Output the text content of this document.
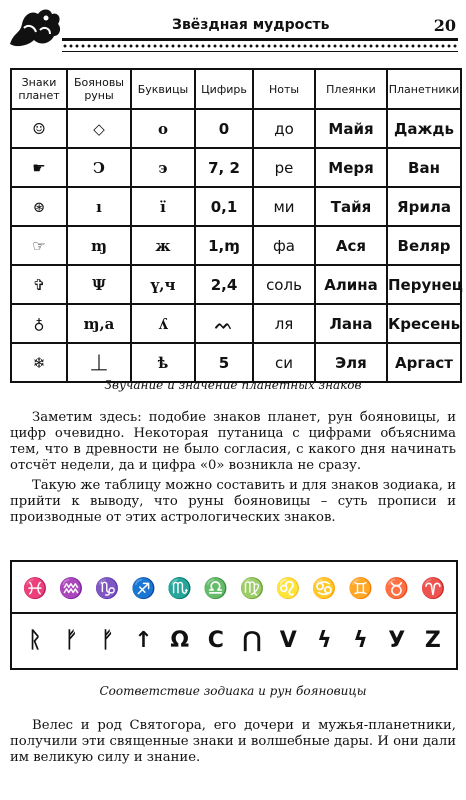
Звёздная мудрость	20
Знаки планет	Бояновы руны	Буквицы	Цифирь	Ноты	Плеянки	Планетники
☺	◇	о	0	до	Майя	Даждь
☛	Ͻ	э	7, 2	ре	Меря	Ван
⊛	ı	ї	0,1	ми	Тайя	Ярила
☞	ɱ	ж	1,ɱ	фа	Ася	Веляр
✞	Ψ	ү,ч	2,4	соль	Алина	Перунец
♁	ɱ,а	ʎ	ᨓ	ля	Лана	Кресень
❄	⏊	ѣ	5	си	Эля	Аргаст
Звучание и значение планетных знаков

Заметим здесь: подобие знаков планет, рун бояновицы, и цифр очевидно. Некоторая путаница с цифрами объяснима тем, что в древности не было согласия, с какого дня начинать отсчёт недели, да и цифра «0» возникла не сразу.

Такую же таблицу можно составить и для знаков зодиака, и прийти к выводу, что руны бояновицы – суть прописи и производные от этих астрологических знаков.

♓ ♒ ♑ ♐ ♏ ♎ ♍ ♌ ♋ ♊ ♉ ♈
ᚱ	ᚠ	ᚠ ↑ Ω C ⋂ V ϟ ϟ У Z
Соответствие зодиака и рун бояновицы

Велес и род Святогора, его дочери и мужья-планетники, получили эти священные знаки и волшебные дары. И они дали им великую силу и знание.
